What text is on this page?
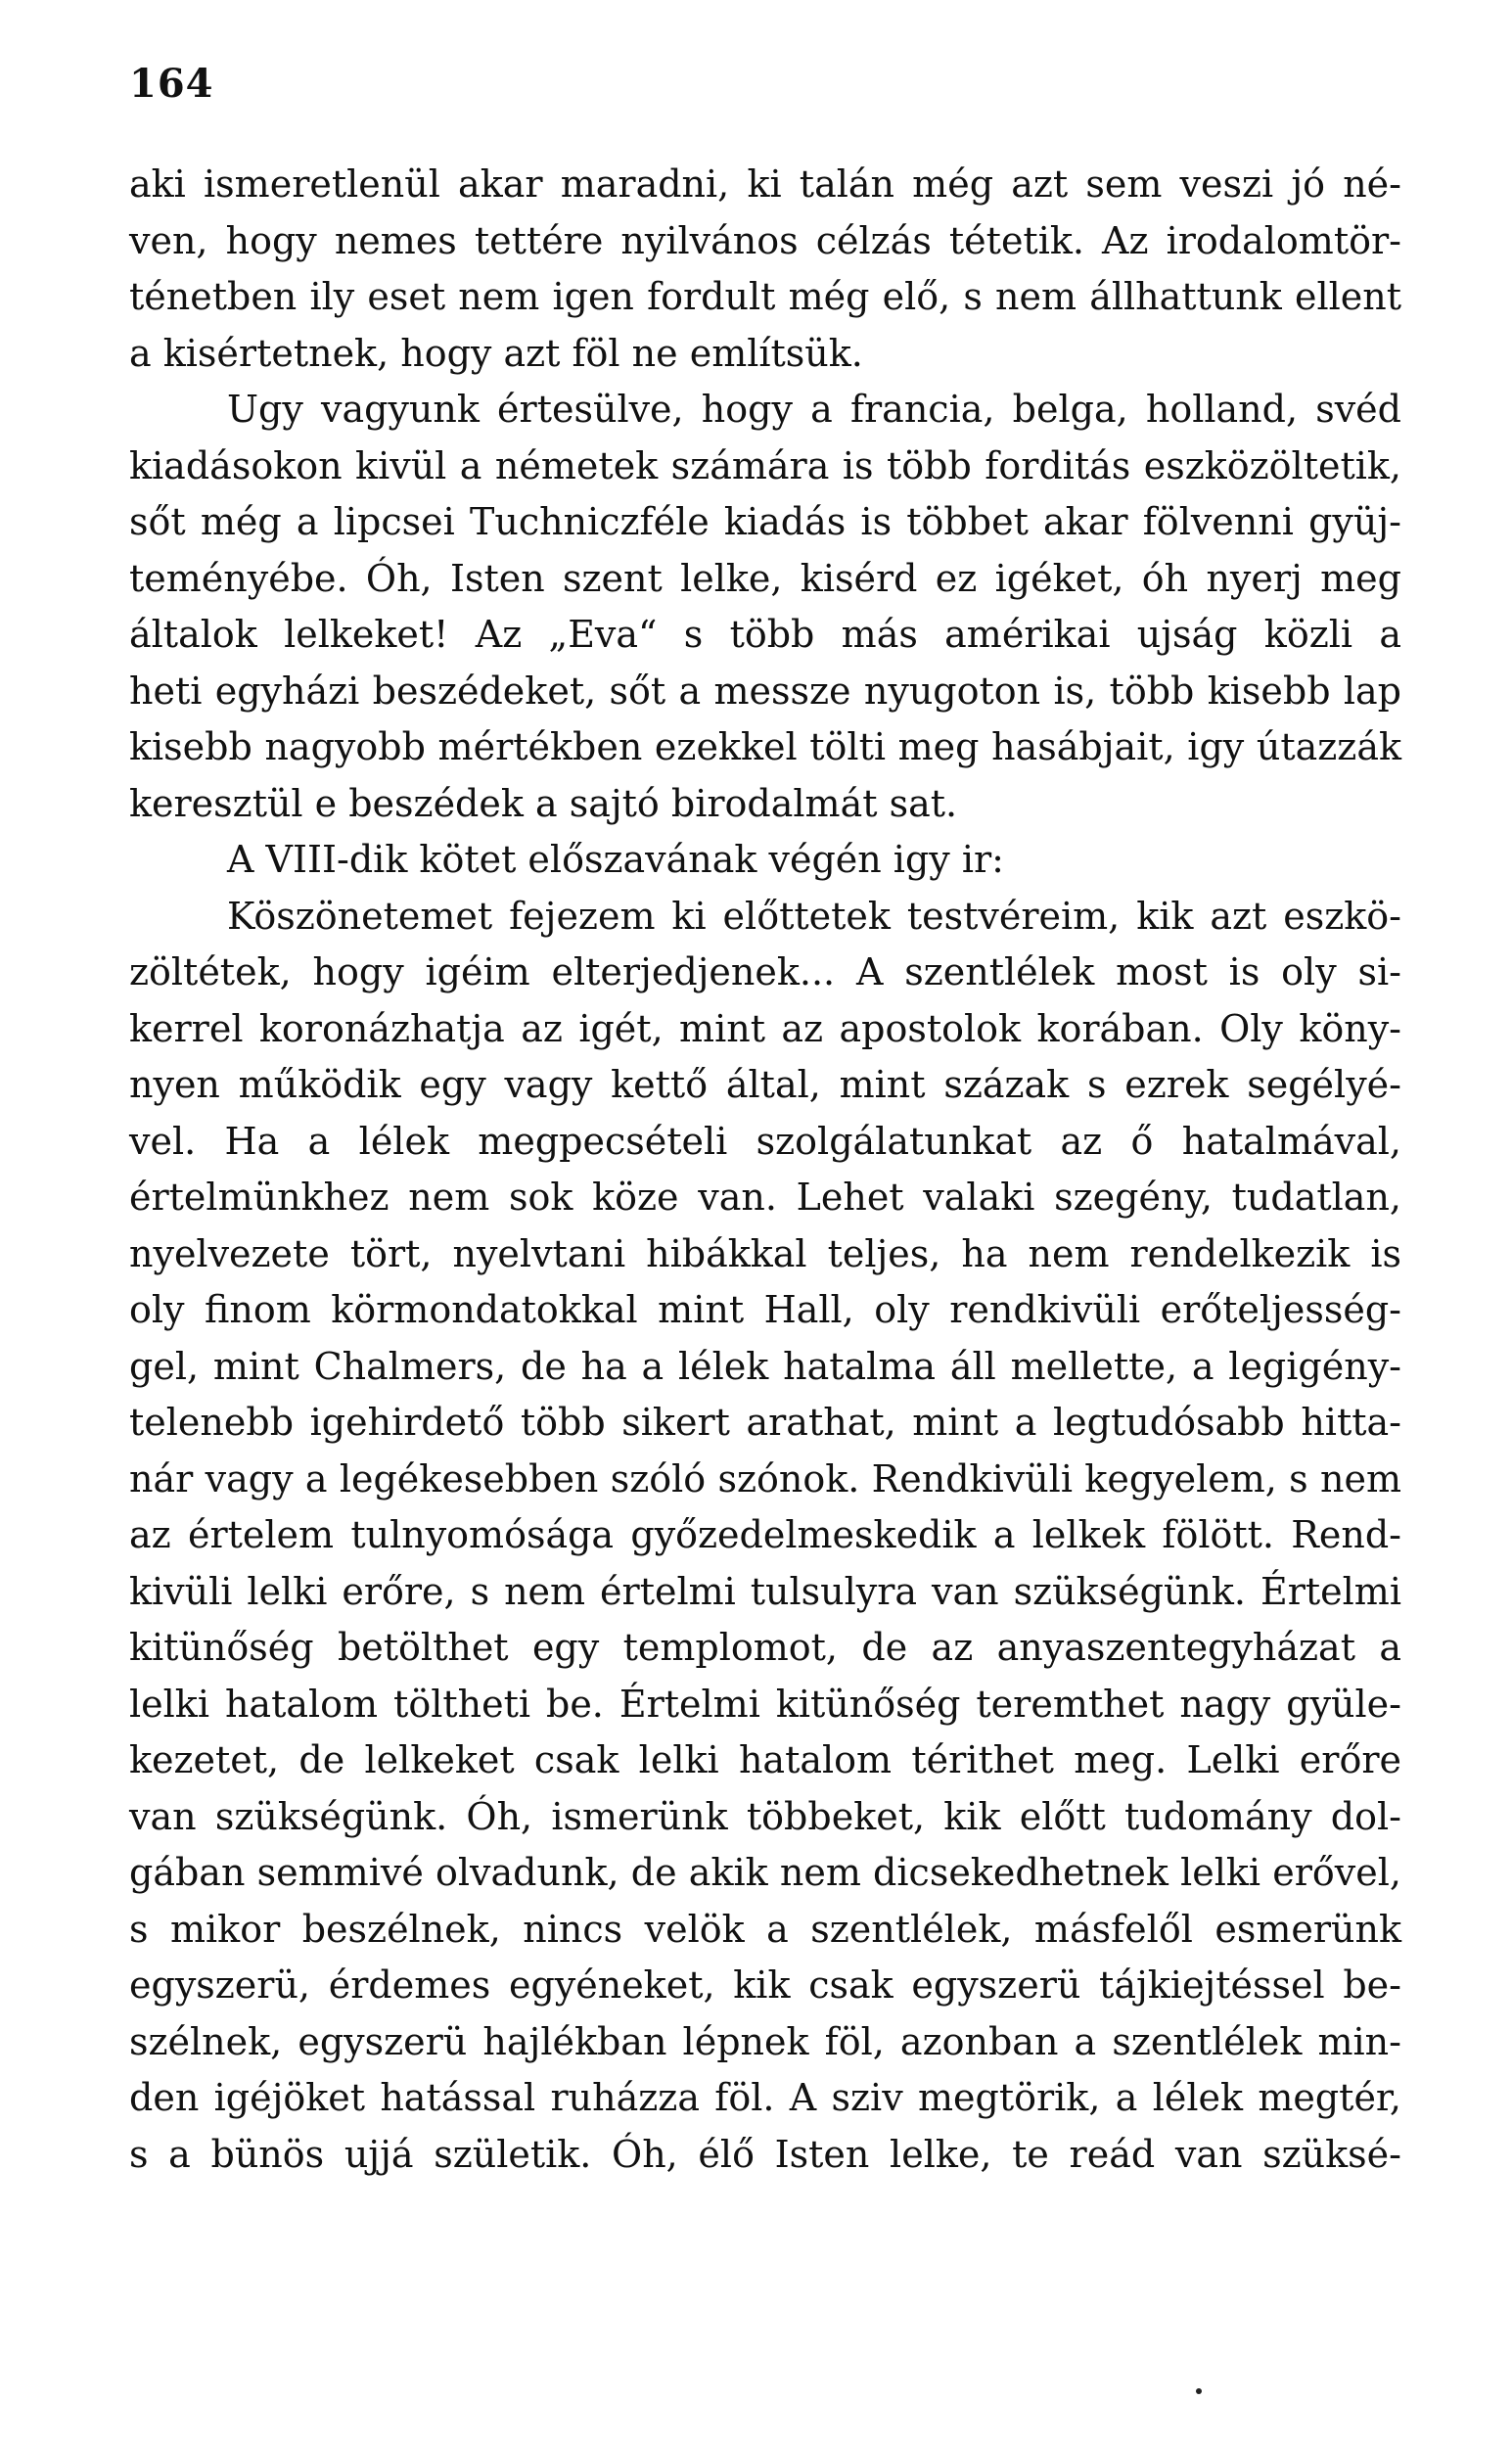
164
aki ismeretlenül akar maradni, ki talán még azt sem veszi jó né-
ven, hogy nemes tettére nyilvános célzás tétetik. Az irodalomtör-
ténetben ily eset nem igen fordult még elő, s nem állhattunk ellent
a kisértetnek, hogy azt föl ne említsük.
Ugy vagyunk értesülve, hogy a francia, belga, holland, svéd
kiadásokon kivül a németek számára is több forditás eszközöltetik,
sőt még a lipcsei Tuchniczféle kiadás is többet akar fölvenni gyüj-
teményébe. Óh, Isten szent lelke, kisérd ez igéket, óh nyerj meg
általok lelkeket! Az „Eva“ s több más amérikai ujság közli a
heti egyházi beszédeket, sőt a messze nyugoton is, több kisebb lap
kisebb nagyobb mértékben ezekkel tölti meg hasábjait, igy útazzák
keresztül e beszédek a sajtó birodalmát sat.
A VIII-dik kötet előszavának végén igy ir:
Köszönetemet fejezem ki előttetek testvéreim, kik azt eszkö-
zöltétek, hogy igéim elterjedjenek... A szentlélek most is oly si-
kerrel koronázhatja az igét, mint az apostolok korában. Oly köny-
nyen működik egy vagy kettő által, mint százak s ezrek segélyé-
vel. Ha a lélek megpecsételi szolgálatunkat az ő hatalmával,
értelmünkhez nem sok köze van. Lehet valaki szegény, tudatlan,
nyelvezete tört, nyelvtani hibákkal teljes, ha nem rendelkezik is
oly finom körmondatokkal mint Hall, oly rendkivüli erőteljesség-
gel, mint Chalmers, de ha a lélek hatalma áll mellette, a legigény-
telenebb igehirdető több sikert arathat, mint a legtudósabb hitta-
nár vagy a legékesebben szóló szónok. Rendkivüli kegyelem, s nem
az értelem tulnyomósága győzedelmeskedik a lelkek fölött. Rend-
kivüli lelki erőre, s nem értelmi tulsulyra van szükségünk. Értelmi
kitünőség betölthet egy templomot, de az anyaszentegyházat a
lelki hatalom töltheti be. Értelmi kitünőség teremthet nagy gyüle-
kezetet, de lelkeket csak lelki hatalom térithet meg. Lelki erőre
van szükségünk. Óh, ismerünk többeket, kik előtt tudomány dol-
gában semmivé olvadunk, de akik nem dicsekedhetnek lelki erővel,
s mikor beszélnek, nincs velök a szentlélek, másfelől esmerünk
egyszerü, érdemes egyéneket, kik csak egyszerü tájkiejtéssel be-
szélnek, egyszerü hajlékban lépnek föl, azonban a szentlélek min-
den igéjöket hatással ruházza föl. A sziv megtörik, a lélek megtér,
s a bünös ujjá születik. Óh, élő Isten lelke, te reád van szüksé-
